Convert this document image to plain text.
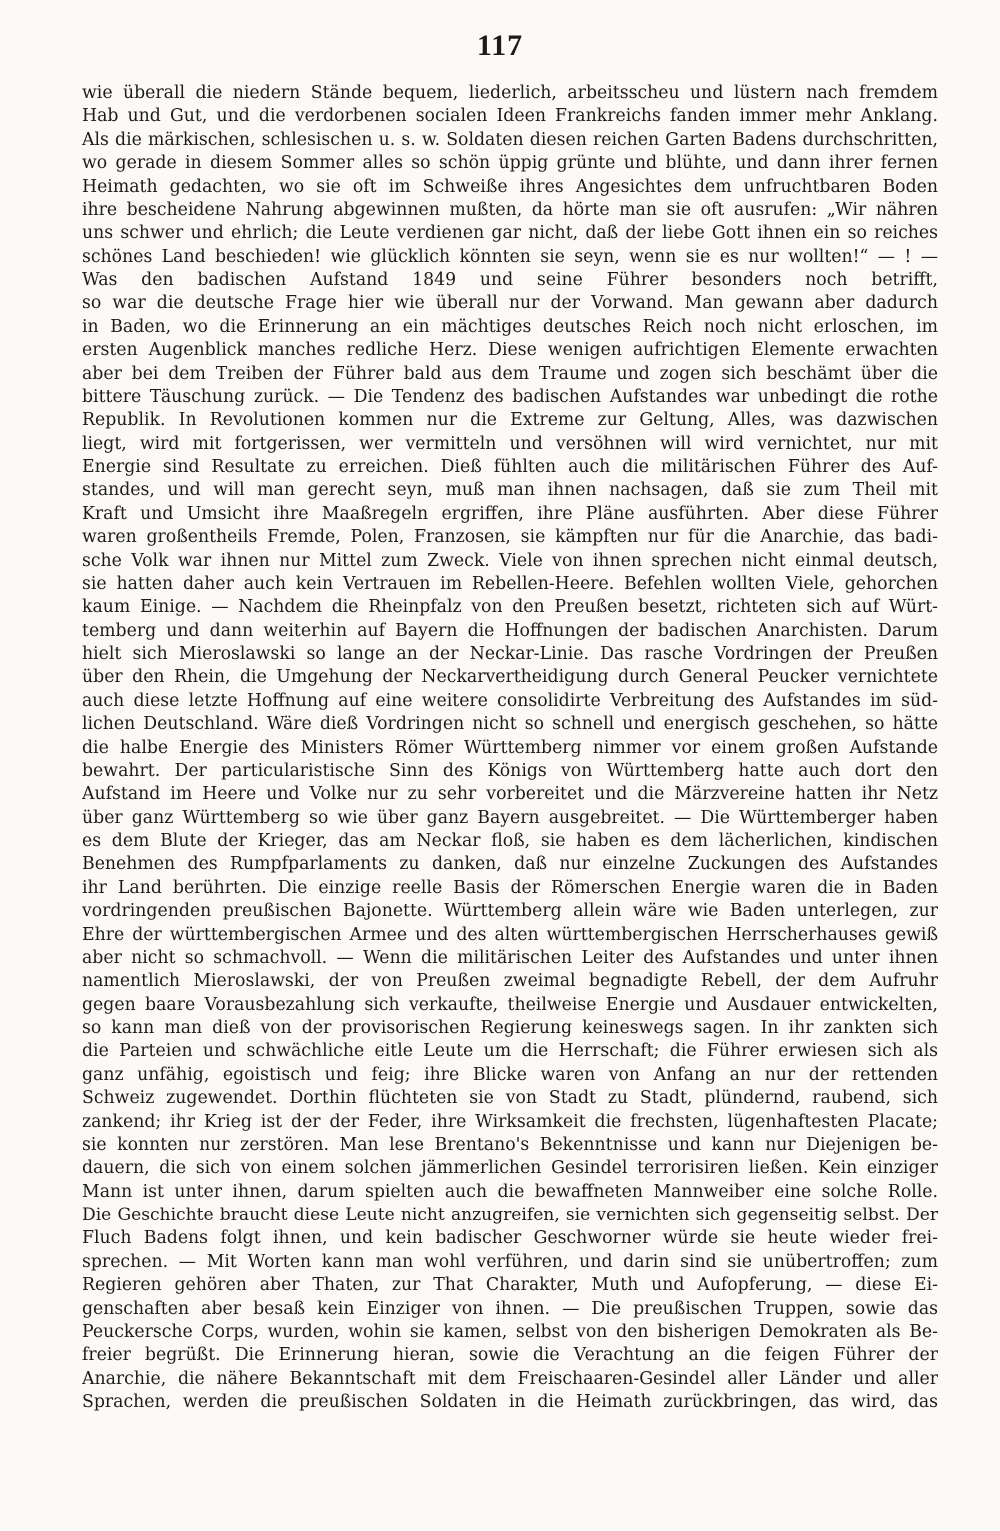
117
wie überall die niedern Stände bequem, liederlich, arbeitsscheu und lüstern nach fremdem
Hab und Gut, und die verdorbenen socialen Ideen Frankreichs fanden immer mehr Anklang.
Als die märkischen, schlesischen u. s. w. Soldaten diesen reichen Garten Badens durchschritten,
wo gerade in diesem Sommer alles so schön üppig grünte und blühte, und dann ihrer fernen
Heimath gedachten, wo sie oft im Schweiße ihres Angesichtes dem unfruchtbaren Boden
ihre bescheidene Nahrung abgewinnen mußten, da hörte man sie oft ausrufen: „Wir nähren
uns schwer und ehrlich; die Leute verdienen gar nicht, daß der liebe Gott ihnen ein so reiches
schönes Land beschieden! wie glücklich könnten sie seyn, wenn sie es nur wollten!“ — ! —
Was den badischen Aufstand 1849 und seine Führer besonders noch betrifft,
so war die deutsche Frage hier wie überall nur der Vorwand. Man gewann aber dadurch
in Baden, wo die Erinnerung an ein mächtiges deutsches Reich noch nicht erloschen, im
ersten Augenblick manches redliche Herz. Diese wenigen aufrichtigen Elemente erwachten
aber bei dem Treiben der Führer bald aus dem Traume und zogen sich beschämt über die
bittere Täuschung zurück. — Die Tendenz des badischen Aufstandes war unbedingt die rothe
Republik. In Revolutionen kommen nur die Extreme zur Geltung, Alles, was dazwischen
liegt, wird mit fortgerissen, wer vermitteln und versöhnen will wird vernichtet, nur mit
Energie sind Resultate zu erreichen. Dieß fühlten auch die militärischen Führer des Auf-
standes, und will man gerecht seyn, muß man ihnen nachsagen, daß sie zum Theil mit
Kraft und Umsicht ihre Maaßregeln ergriffen, ihre Pläne ausführten. Aber diese Führer
waren großentheils Fremde, Polen, Franzosen, sie kämpften nur für die Anarchie, das badi-
sche Volk war ihnen nur Mittel zum Zweck. Viele von ihnen sprechen nicht einmal deutsch,
sie hatten daher auch kein Vertrauen im Rebellen-Heere. Befehlen wollten Viele, gehorchen
kaum Einige. — Nachdem die Rheinpfalz von den Preußen besetzt, richteten sich auf Würt-
temberg und dann weiterhin auf Bayern die Hoffnungen der badischen Anarchisten. Darum
hielt sich Mieroslawski so lange an der Neckar-Linie. Das rasche Vordringen der Preußen
über den Rhein, die Umgehung der Neckarvertheidigung durch General Peucker vernichtete
auch diese letzte Hoffnung auf eine weitere consolidirte Verbreitung des Aufstandes im süd-
lichen Deutschland. Wäre dieß Vordringen nicht so schnell und energisch geschehen, so hätte
die halbe Energie des Ministers Römer Württemberg nimmer vor einem großen Aufstande
bewahrt. Der particularistische Sinn des Königs von Württemberg hatte auch dort den
Aufstand im Heere und Volke nur zu sehr vorbereitet und die Märzvereine hatten ihr Netz
über ganz Württemberg so wie über ganz Bayern ausgebreitet. — Die Württemberger haben
es dem Blute der Krieger, das am Neckar floß, sie haben es dem lächerlichen, kindischen
Benehmen des Rumpfparlaments zu danken, daß nur einzelne Zuckungen des Aufstandes
ihr Land berührten. Die einzige reelle Basis der Römerschen Energie waren die in Baden
vordringenden preußischen Bajonette. Württemberg allein wäre wie Baden unterlegen, zur
Ehre der württembergischen Armee und des alten württembergischen Herrscherhauses gewiß
aber nicht so schmachvoll. — Wenn die militärischen Leiter des Aufstandes und unter ihnen
namentlich Mieroslawski, der von Preußen zweimal begnadigte Rebell, der dem Aufruhr
gegen baare Vorausbezahlung sich verkaufte, theilweise Energie und Ausdauer entwickelten,
so kann man dieß von der provisorischen Regierung keineswegs sagen. In ihr zankten sich
die Parteien und schwächliche eitle Leute um die Herrschaft; die Führer erwiesen sich als
ganz unfähig, egoistisch und feig; ihre Blicke waren von Anfang an nur der rettenden
Schweiz zugewendet. Dorthin flüchteten sie von Stadt zu Stadt, plündernd, raubend, sich
zankend; ihr Krieg ist der der Feder, ihre Wirksamkeit die frechsten, lügenhaftesten Placate;
sie konnten nur zerstören. Man lese Brentano's Bekenntnisse und kann nur Diejenigen be-
dauern, die sich von einem solchen jämmerlichen Gesindel terrorisiren ließen. Kein einziger
Mann ist unter ihnen, darum spielten auch die bewaffneten Mannweiber eine solche Rolle.
Die Geschichte braucht diese Leute nicht anzugreifen, sie vernichten sich gegenseitig selbst. Der
Fluch Badens folgt ihnen, und kein badischer Geschworner würde sie heute wieder frei-
sprechen. — Mit Worten kann man wohl verführen, und darin sind sie unübertroffen; zum
Regieren gehören aber Thaten, zur That Charakter, Muth und Aufopferung, — diese Ei-
genschaften aber besaß kein Einziger von ihnen. — Die preußischen Truppen, sowie das
Peuckersche Corps, wurden, wohin sie kamen, selbst von den bisherigen Demokraten als Be-
freier begrüßt. Die Erinnerung hieran, sowie die Verachtung an die feigen Führer der
Anarchie, die nähere Bekanntschaft mit dem Freischaaren-Gesindel aller Länder und aller
Sprachen, werden die preußischen Soldaten in die Heimath zurückbringen, das wird, das
